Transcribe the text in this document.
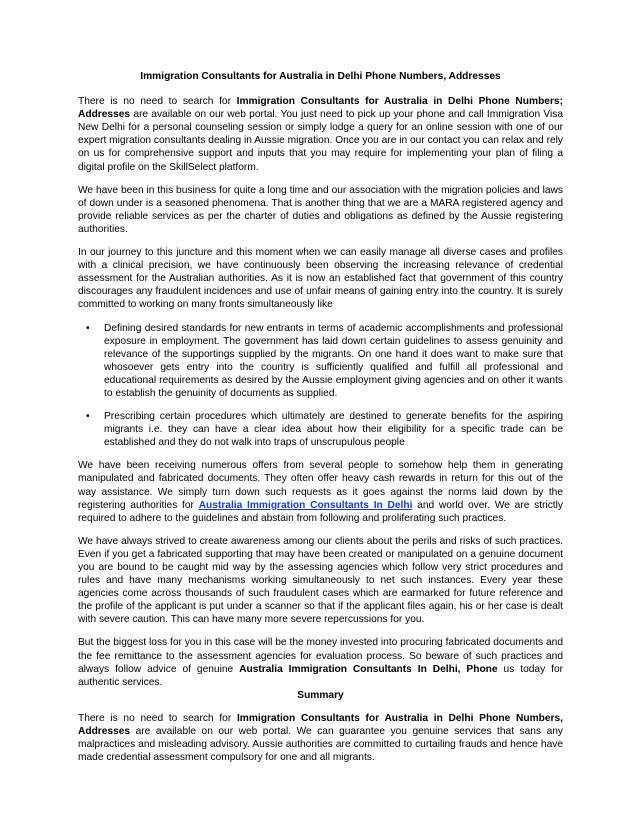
Immigration Consultants for Australia in Delhi Phone Numbers, Addresses

There is no need to search for Immigration Consultants for Australia in Delhi Phone Numbers; Addresses are available on our web portal. You just need to pick up your phone and call Immigration Visa New Delhi for a personal counseling session or simply lodge a query for an online session with one of our expert migration consultants dealing in Aussie migration. Once you are in our contact you can relax and rely on us for comprehensive support and inputs that you may require for implementing your plan of filing a digital profile on the SkillSelect platform.

We have been in this business for quite a long time and our association with the migration policies and laws of down under is a seasoned phenomena. That is another thing that we are a MARA registered agency and provide reliable services as per the charter of duties and obligations as defined by the Aussie registering authorities.

In our journey to this juncture and this moment when we can easily manage all diverse cases and profiles with a clinical precision, we have continuously been observing the increasing relevance of credential assessment for the Australian authorities. As it is now an established fact that government of this country discourages any fraudulent incidences and use of unfair means of gaining entry into the country. It is surely committed to working on many fronts simultaneously like

• Defining desired standards for new entrants in terms of academic accomplishments and professional exposure in employment. The government has laid down certain guidelines to assess genuinity and relevance of the supportings supplied by the migrants. On one hand it does want to make sure that whosoever gets entry into the country is sufficiently qualified and fulfill all professional and educational requirements as desired by the Aussie employment giving agencies and on other it wants to establish the genuinity of documents as supplied.
• Prescribing certain procedures which ultimately are destined to generate benefits for the aspiring migrants i.e. they can have a clear idea about how their eligibility for a specific trade can be established and they do not walk into traps of unscrupulous people

We have been receiving numerous offers from several people to somehow help them in generating manipulated and fabricated documents. They often offer heavy cash rewards in return for this out of the way assistance. We simply turn down such requests as it goes against the norms laid down by the registering authorities for Australia Immigration Consultants In Delhi and world over. We are strictly required to adhere to the guidelines and abstain from following and proliferating such practices.

We have always strived to create awareness among our clients about the perils and risks of such practices. Even if you get a fabricated supporting that may have been created or manipulated on a genuine document you are bound to be caught mid way by the assessing agencies which follow very strict procedures and rules and have many mechanisms working simultaneously to net such instances. Every year these agencies come across thousands of such fraudulent cases which are earmarked for future reference and the profile of the applicant is put under a scanner so that if the applicant files again, his or her case is dealt with severe caution. This can have many more severe repercussions for you.

But the biggest loss for you in this case will be the money invested into procuring fabricated documents and the fee remittance to the assessment agencies for evaluation process. So beware of such practices and always follow advice of genuine Australia Immigration Consultants In Delhi, Phone us today for authentic services.

Summary

There is no need to search for Immigration Consultants for Australia in Delhi Phone Numbers, Addresses are available on our web portal. We can guarantee you genuine services that sans any malpractices and misleading advisory. Aussie authorities are committed to curtailing frauds and hence have made credential assessment compulsory for one and all migrants.
